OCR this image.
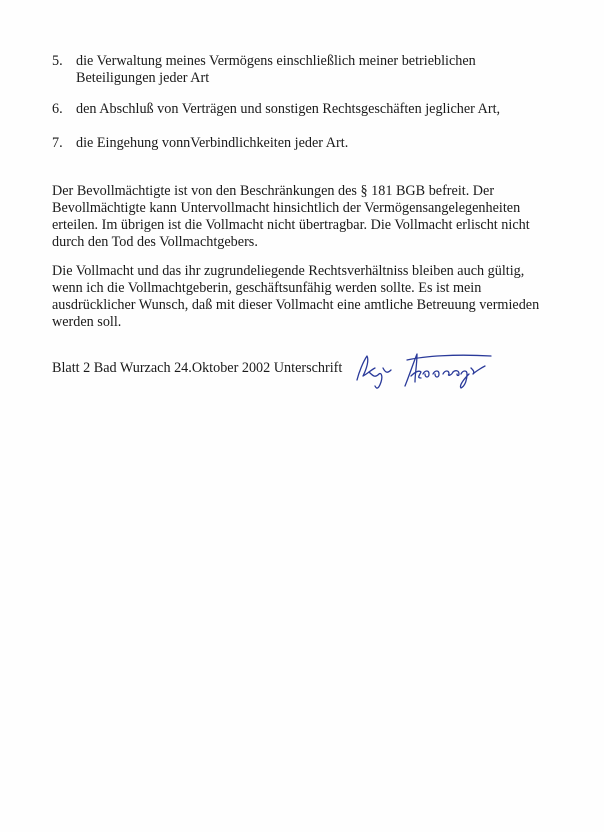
5. die Verwaltung meines Vermögens einschließlich meiner betrieblichen
Beteiligungen jeder Art
6. den Abschluß von Verträgen und sonstigen Rechtsgeschäften jeglicher Art,
7. die Eingehung vonnVerbindlichkeiten jeder Art.
Der Bevollmächtigte ist von den Beschränkungen des § 181 BGB befreit. Der
Bevollmächtigte kann Untervollmacht hinsichtlich der Vermögensangelegenheiten
erteilen. Im übrigen ist die Vollmacht nicht übertragbar. Die Vollmacht erlischt nicht
durch den Tod des Vollmachtgebers.
Die Vollmacht und das ihr zugrundeliegende Rechtsverhältniss bleiben auch gültig,
wenn ich die Vollmachtgeberin, geschäftsunfähig werden sollte. Es ist mein
ausdrücklicher Wunsch, daß mit dieser Vollmacht eine amtliche Betreuung vermieden
werden soll.
Blatt 2 Bad Wurzach 24.Oktober 2002 Unterschrift
